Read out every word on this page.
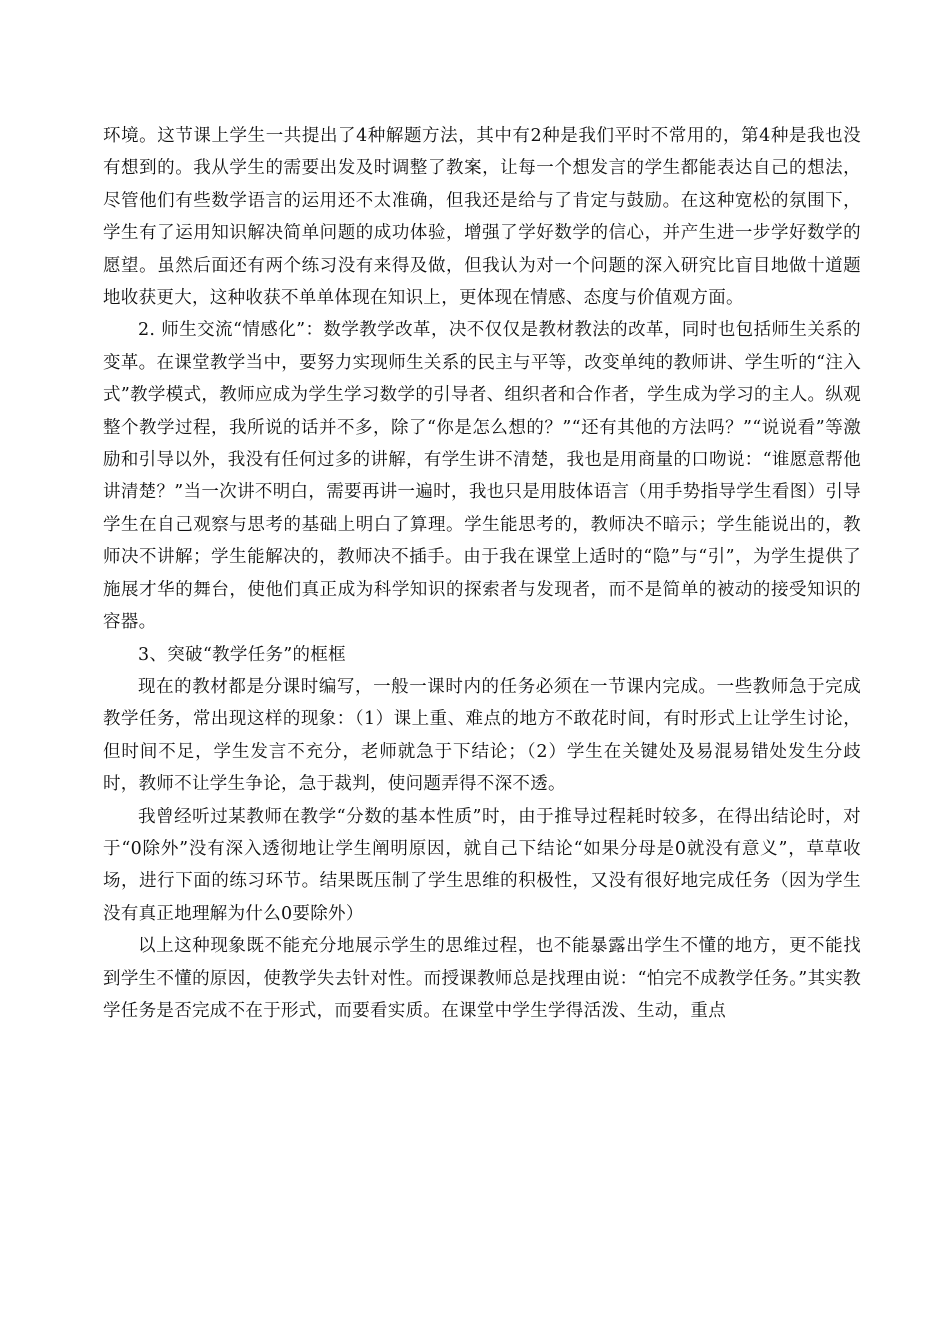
环境。这节课上学生一共提出了4种解题方法，其中有2种是我们平时不常用的，第4种是我也没有想到的。我从学生的需要出发及时调整了教案，让每一个想发言的学生都能表达自己的想法，尽管他们有些数学语言的运用还不太准确，但我还是给与了肯定与鼓励。在这种宽松的氛围下，学生有了运用知识解决简单问题的成功体验，增强了学好数学的信心，并产生进一步学好数学的愿望。虽然后面还有两个练习没有来得及做，但我认为对一个问题的深入研究比盲目地做十道题地收获更大，这种收获不单单体现在知识上，更体现在情感、态度与价值观方面。

2. 师生交流“情感化”：数学教学改革，决不仅仅是教材教法的改革，同时也包括师生关系的变革。在课堂教学当中，要努力实现师生关系的民主与平等，改变单纯的教师讲、学生听的“注入式”教学模式，教师应成为学生学习数学的引导者、组织者和合作者，学生成为学习的主人。纵观整个教学过程，我所说的话并不多，除了“你是怎么想的？”“还有其他的方法吗？”“说说看”等激励和引导以外，我没有任何过多的讲解，有学生讲不清楚，我也是用商量的口吻说：“谁愿意帮他讲清楚？”当一次讲不明白，需要再讲一遍时，我也只是用肢体语言（用手势指导学生看图）引导学生在自己观察与思考的基础上明白了算理。学生能思考的，教师决不暗示；学生能说出的，教师决不讲解；学生能解决的，教师决不插手。由于我在课堂上适时的“隐”与“引”，为学生提供了施展才华的舞台，使他们真正成为科学知识的探索者与发现者，而不是简单的被动的接受知识的容器。

3、突破“教学任务”的框框

现在的教材都是分课时编写，一般一课时内的任务必须在一节课内完成。一些教师急于完成教学任务，常出现这样的现象：（1）课上重、难点的地方不敢花时间，有时形式上让学生讨论，但时间不足，学生发言不充分，老师就急于下结论；（2）学生在关键处及易混易错处发生分歧时，教师不让学生争论，急于裁判，使问题弄得不深不透。

我曾经听过某教师在教学“分数的基本性质”时，由于推导过程耗时较多，在得出结论时，对于“0除外”没有深入透彻地让学生阐明原因，就自己下结论“如果分母是0就没有意义”，草草收场，进行下面的练习环节。结果既压制了学生思维的积极性，又没有很好地完成任务（因为学生没有真正地理解为什么0要除外）

以上这种现象既不能充分地展示学生的思维过程，也不能暴露出学生不懂的地方，更不能找到学生不懂的原因，使教学失去针对性。而授课教师总是找理由说：“怕完不成教学任务。”其实教学任务是否完成不在于形式，而要看实质。在课堂中学生学得活泼、生动，重点
